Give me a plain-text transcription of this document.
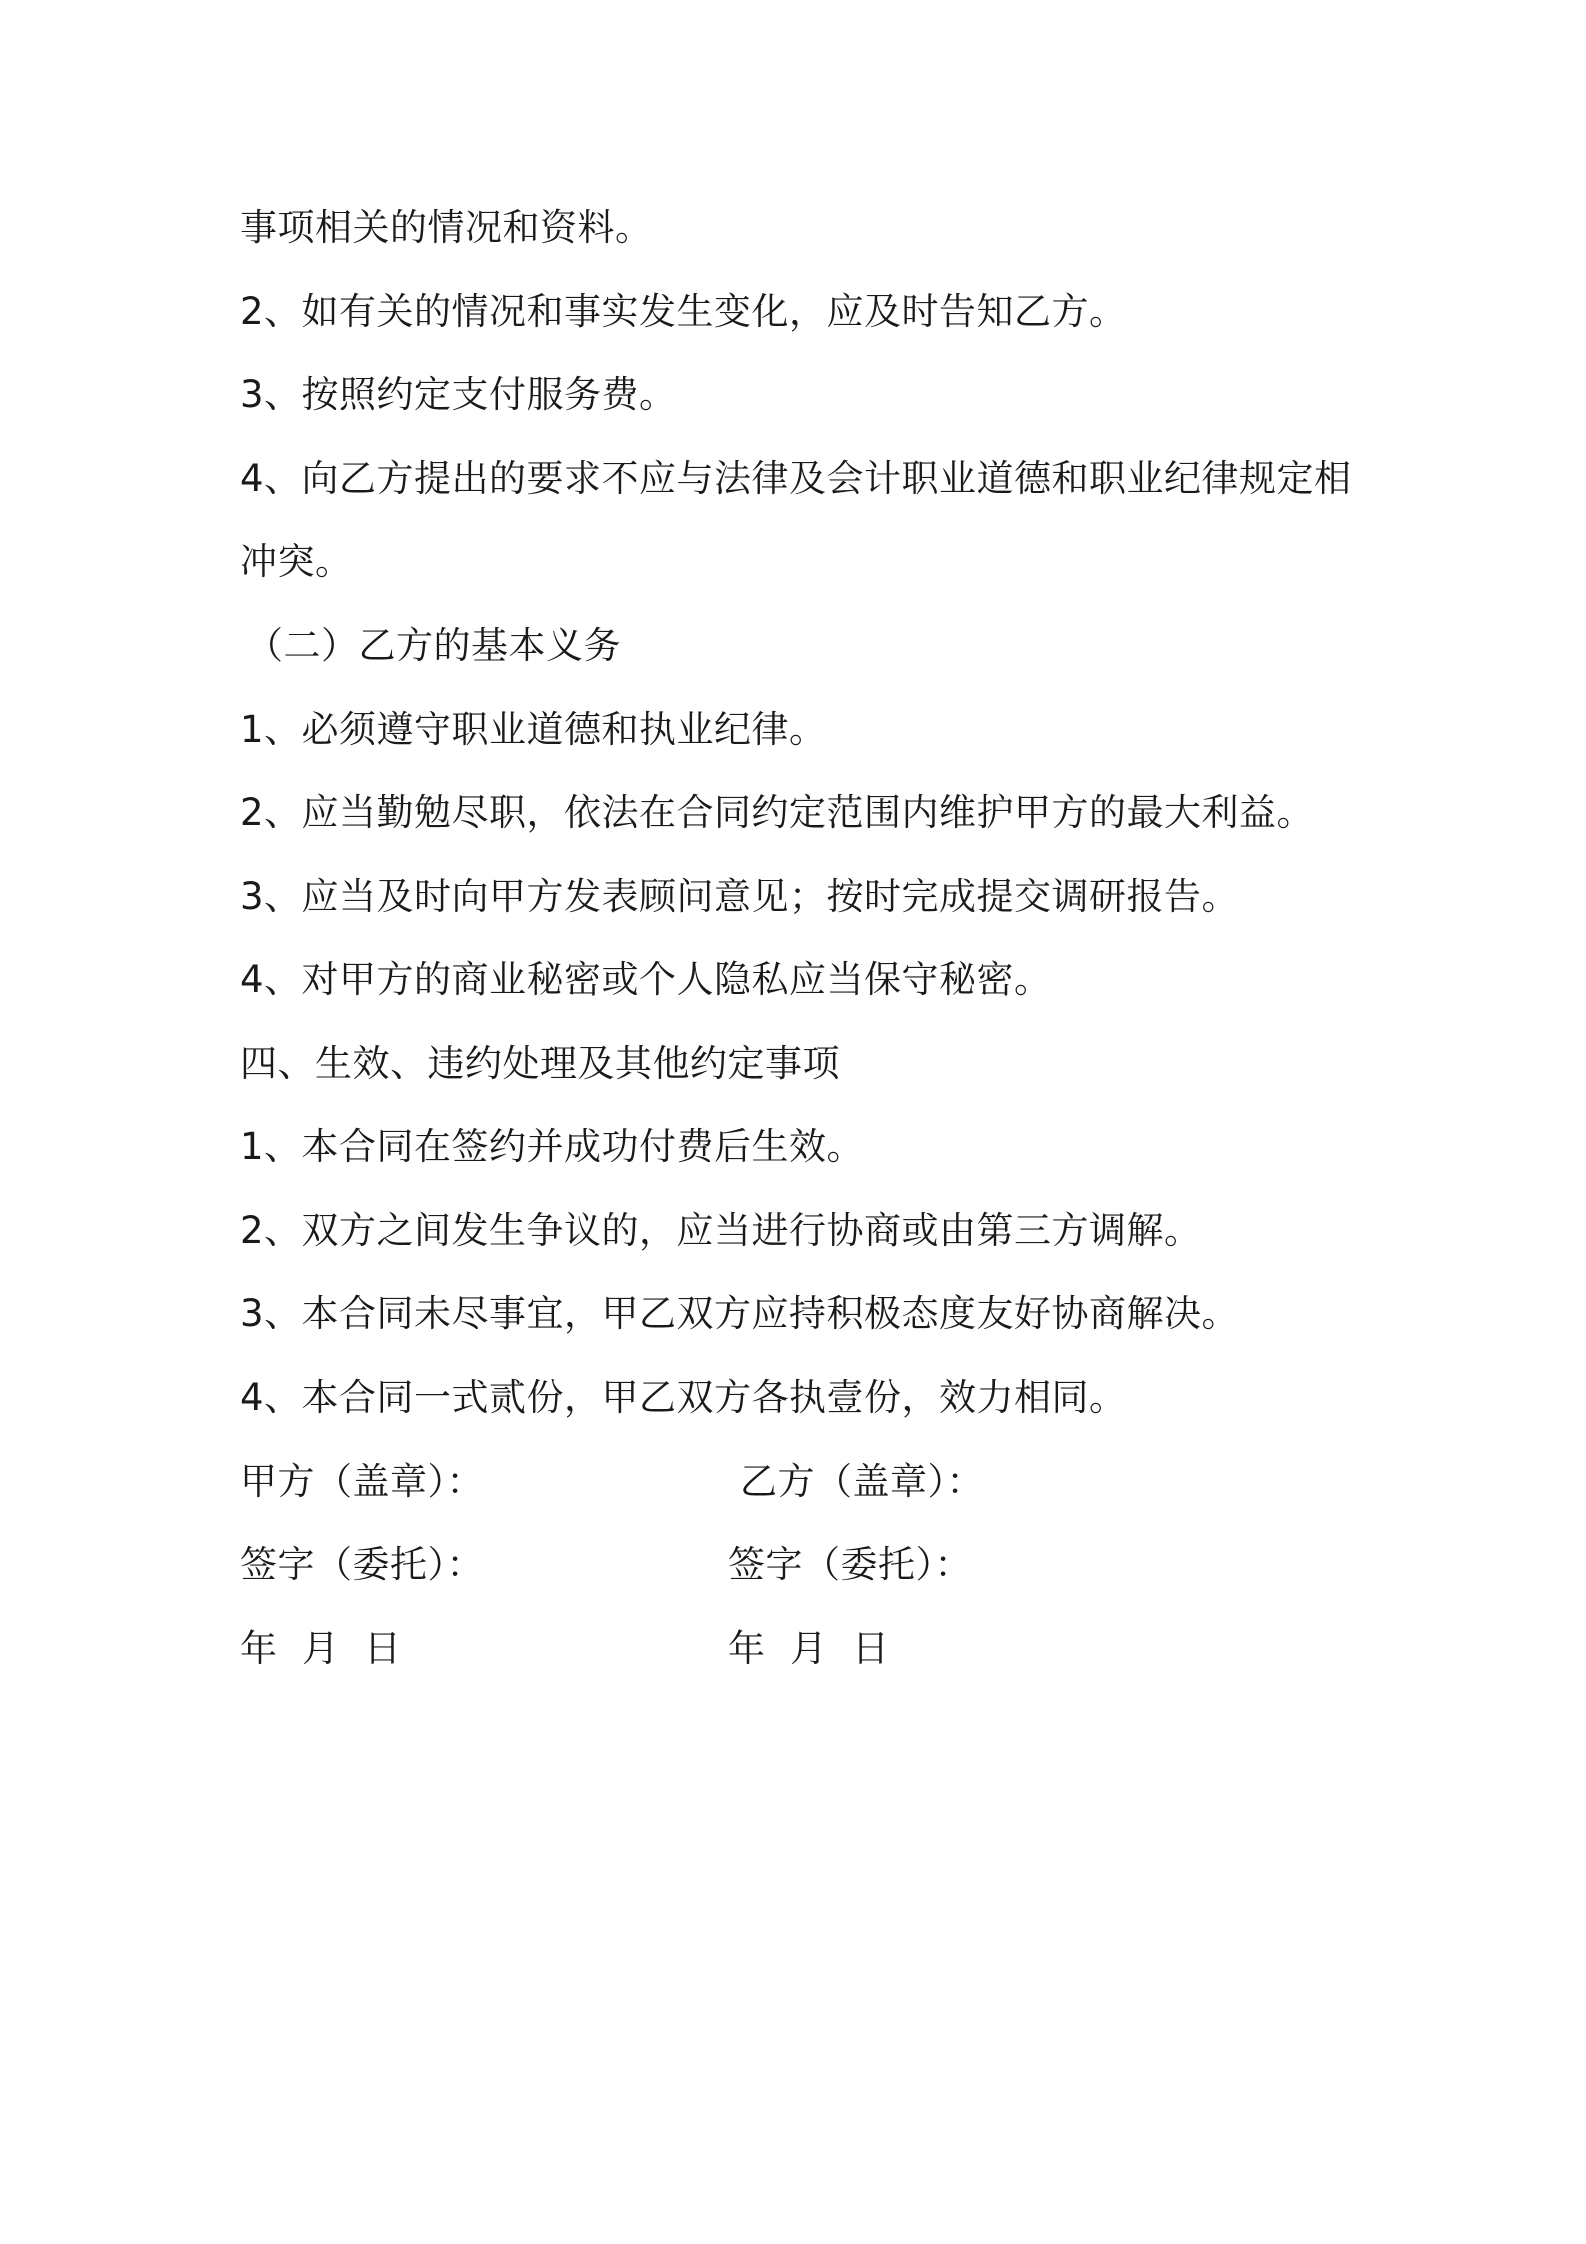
事项相关的情况和资料。
2、如有关的情况和事实发生变化，应及时告知乙方。
3、按照约定支付服务费。
4、向乙方提出的要求不应与法律及会计职业道德和职业纪律规定相
冲突。
（二）乙方的基本义务
1、必须遵守职业道德和执业纪律。
2、应当勤勉尽职，依法在合同约定范围内维护甲方的最大利益。
3、应当及时向甲方发表顾问意见；按时完成提交调研报告。
4、对甲方的商业秘密或个人隐私应当保守秘密。
四、生效、违约处理及其他约定事项
1、本合同在签约并成功付费后生效。
2、双方之间发生争议的，应当进行协商或由第三方调解。
3、本合同未尽事宜，甲乙双方应持积极态度友好协商解决。
4、本合同一式贰份，甲乙双方各执壹份，效力相同。
甲方（盖章）：	乙方（盖章）：
签字（委托）：	签字（委托）：
年  月  日	年  月  日
